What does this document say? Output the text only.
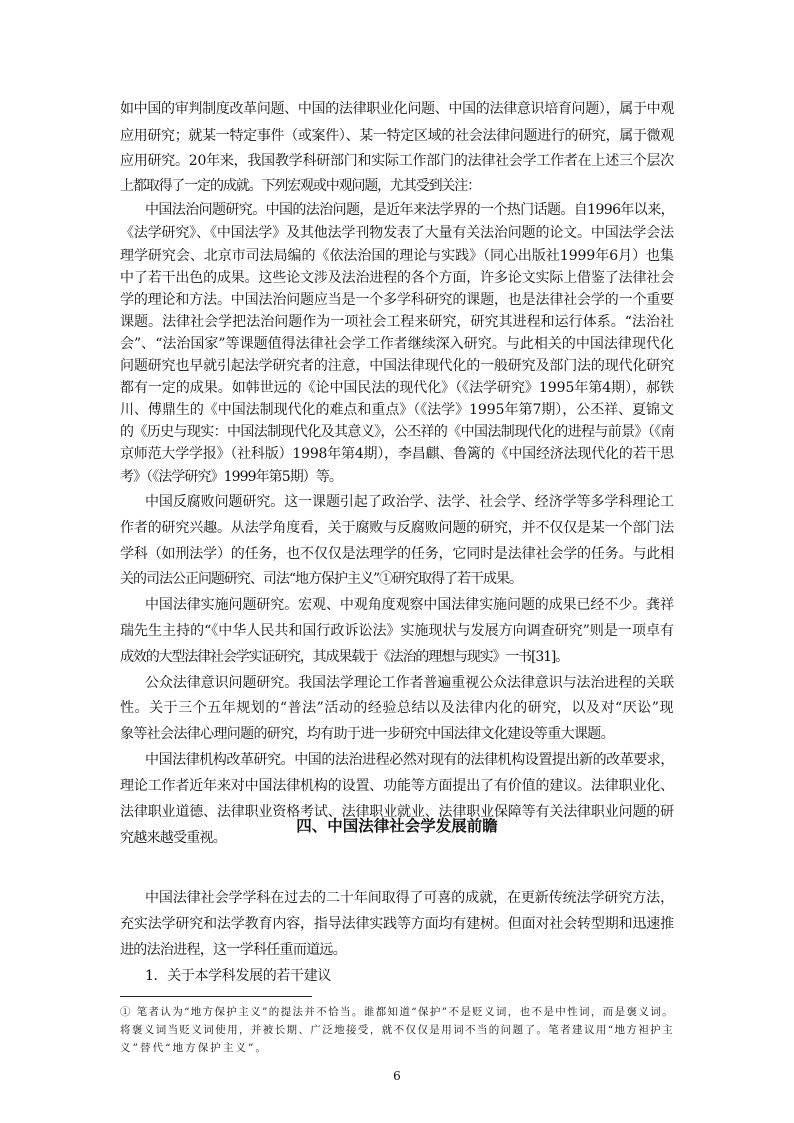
如中国的审判制度改革问题、中国的法律职业化问题、中国的法律意识培育问题），属于中观
应用研究；就某一特定事件（或案件）、某一特定区域的社会法律问题进行的研究，属于微观
应用研究。20年来，我国教学科研部门和实际工作部门的法律社会学工作者在上述三个层次
上都取得了一定的成就。下列宏观或中观问题，尤其受到关注：
中国法治问题研究。中国的法治问题，是近年来法学界的一个热门话题。自1996年以来，
《法学研究》、《中国法学》及其他法学刊物发表了大量有关法治问题的论文。中国法学会法
理学研究会、北京市司法局编的《依法治国的理论与实践》（同心出版社1999年6月）也集
中了若干出色的成果。这些论文涉及法治进程的各个方面，许多论文实际上借鉴了法律社会
学的理论和方法。中国法治问题应当是一个多学科研究的课题，也是法律社会学的一个重要
课题。法律社会学把法治问题作为一项社会工程来研究，研究其进程和运行体系。“法治社
会”、“法治国家”等课题值得法律社会学工作者继续深入研究。与此相关的中国法律现代化
问题研究也早就引起法学研究者的注意，中国法律现代化的一般研究及部门法的现代化研究
都有一定的成果。如韩世远的《论中国民法的现代化》（《法学研究》1995年第4期），郝铁
川、傅鼎生的《中国法制现代化的难点和重点》（《法学》1995年第7期），公丕祥、夏锦文
的《历史与现实：中国法制现代化及其意义》，公丕祥的《中国法制现代化的进程与前景》（《南
京师范大学学报》（社科版）1998年第4期），李昌麒、鲁篱的《中国经济法现代化的若干思
考》（《法学研究》1999年第5期）等。
中国反腐败问题研究。这一课题引起了政治学、法学、社会学、经济学等多学科理论工
作者的研究兴趣。从法学角度看，关于腐败与反腐败问题的研究，并不仅仅是某一个部门法
学科（如刑法学）的任务，也不仅仅是法理学的任务，它同时是法律社会学的任务。与此相
关的司法公正问题研究、司法“地方保护主义”①研究取得了若干成果。
中国法律实施问题研究。宏观、中观角度观察中国法律实施问题的成果已经不少。龚祥
瑞先生主持的“《中华人民共和国行政诉讼法》实施现状与发展方向调查研究”则是一项卓有
成效的大型法律社会学实证研究，其成果载于《法治的理想与现实》一书[31]。
公众法律意识问题研究。我国法学理论工作者普遍重视公众法律意识与法治进程的关联
性。关于三个五年规划的“普法”活动的经验总结以及法律内化的研究，以及对“厌讼”现
象等社会法律心理问题的研究，均有助于进一步研究中国法律文化建设等重大课题。
中国法律机构改革研究。中国的法治进程必然对现有的法律机构设置提出新的改革要求，
理论工作者近年来对中国法律机构的设置、功能等方面提出了有价值的建议。法律职业化、
法律职业道德、法律职业资格考试、法律职业就业、法律职业保障等有关法律职业问题的研
究越来越受重视。
四、中国法律社会学发展前瞻
中国法律社会学学科在过去的二十年间取得了可喜的成就，在更新传统法学研究方法，
充实法学研究和法学教育内容，指导法律实践等方面均有建树。但面对社会转型期和迅速推
进的法治进程，这一学科任重而道远。
1．关于本学科发展的若干建议
① 笔者认为“地方保护主义”的提法并不恰当。谁都知道“保护”不是贬义词，也不是中性词，而是褒义词。
将褒义词当贬义词使用，并被长期、广泛地接受，就不仅仅是用词不当的问题了。笔者建议用“地方袒护主
义”替代“地方保护主义”。
6
